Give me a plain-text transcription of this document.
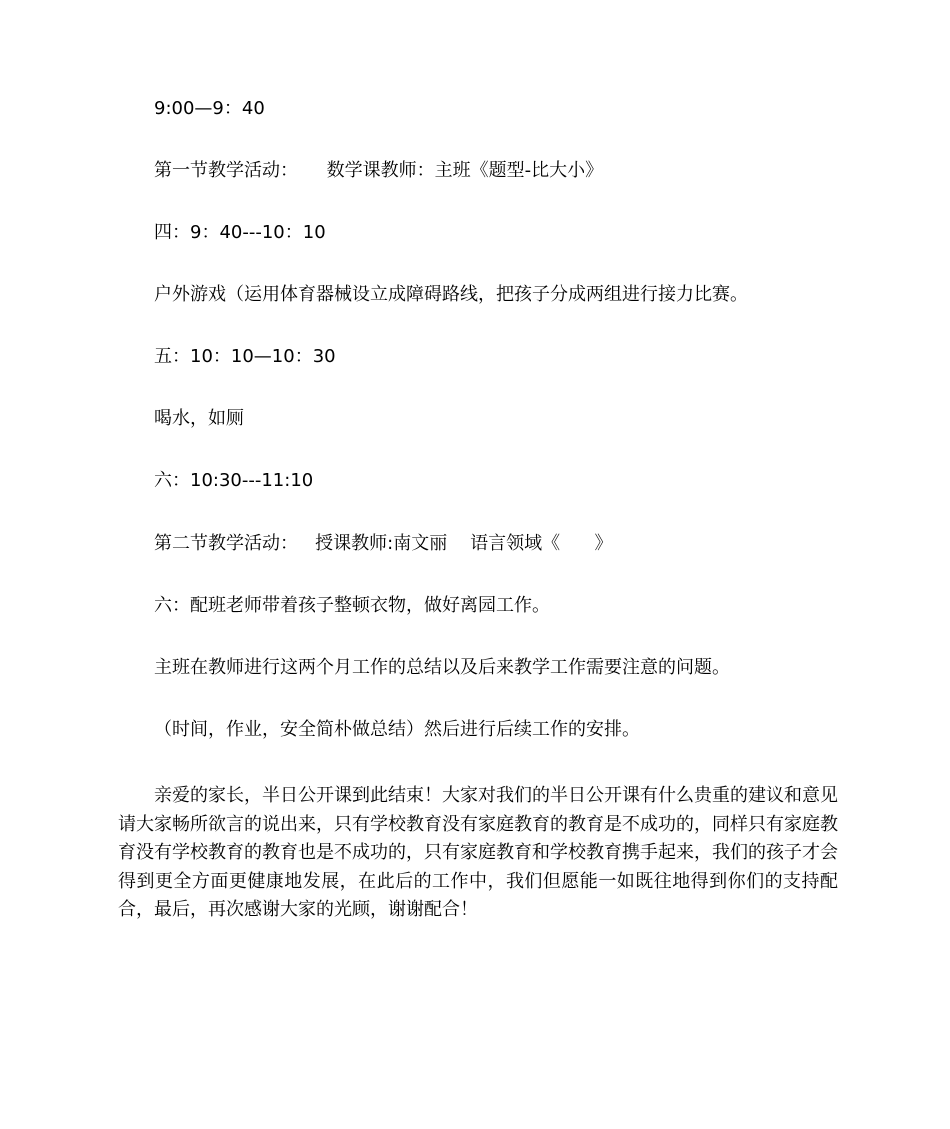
9:00—9：40

第一节教学活动：     数学课教师：主班《题型-比大小》

四：9：40---10：10

户外游戏（运用体育器械设立成障碍路线，把孩子分成两组进行接力比赛。

五：10：10—10：30

喝水，如厕

六：10:30---11:10

第二节教学活动：   授课教师:南文丽    语言领域《      》

六：配班老师带着孩子整顿衣物，做好离园工作。

主班在教师进行这两个月工作的总结以及后来教学工作需要注意的问题。

（时间，作业，安全简朴做总结）然后进行后续工作的安排。

亲爱的家长，半日公开课到此结束！大家对我们的半日公开课有什么贵重的建议和意见请大家畅所欲言的说出来，只有学校教育没有家庭教育的教育是不成功的，同样只有家庭教育没有学校教育的教育也是不成功的，只有家庭教育和学校教育携手起来，我们的孩子才会得到更全方面更健康地发展，在此后的工作中，我们但愿能一如既往地得到你们的支持配合，最后，再次感谢大家的光顾，谢谢配合！
